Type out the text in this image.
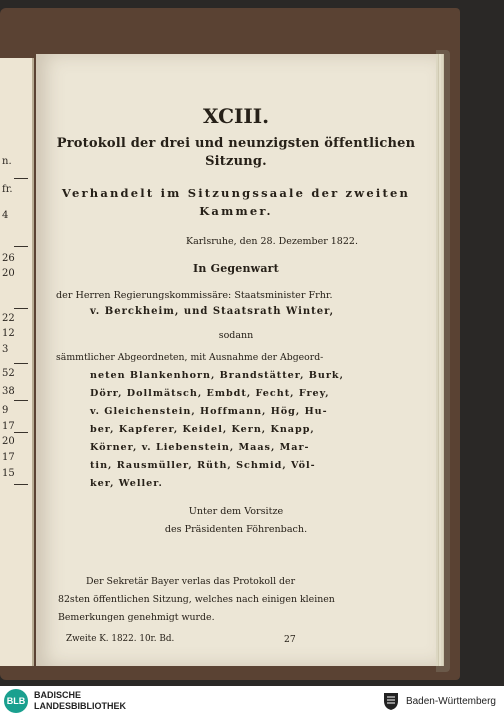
n.
fr.
4
26
20
22
12
3
52
38
9
17
20
17
15
XCIII.
Protokoll der drei und neunzigsten öffentlichen
Sitzung.
Verhandelt im Sitzungssaale der zweiten
Kammer.
Karlsruhe, den 28. Dezember 1822.
In Gegenwart
der Herren Regierungskommissäre: Staatsminister Frhr.
v. Berckheim, und Staatsrath Winter,
sodann
sämmtlicher Abgeordneten, mit Ausnahme der Abgeord-
neten Blankenhorn, Brandstätter, Burk,
Dörr, Dollmätsch, Embdt, Fecht, Frey,
v. Gleichenstein, Hoffmann, Hög, Hu-
ber, Kapferer, Keidel, Kern, Knapp,
Körner, v. Liebenstein, Maas, Mar-
tin, Rausmüller, Rüth, Schmid, Völ-
ker, Weller.
Unter dem Vorsitze
des Präsidenten Föhrenbach.
Der Sekretär Bayer verlas das Protokoll der
82sten öffentlichen Sitzung, welches nach einigen kleinen
Bemerkungen genehmigt wurde.
Zweite K. 1822. 10r. Bd.	27
BLB
BADISCHE
LANDESBIBLIOTHEK	Baden-Württemberg
